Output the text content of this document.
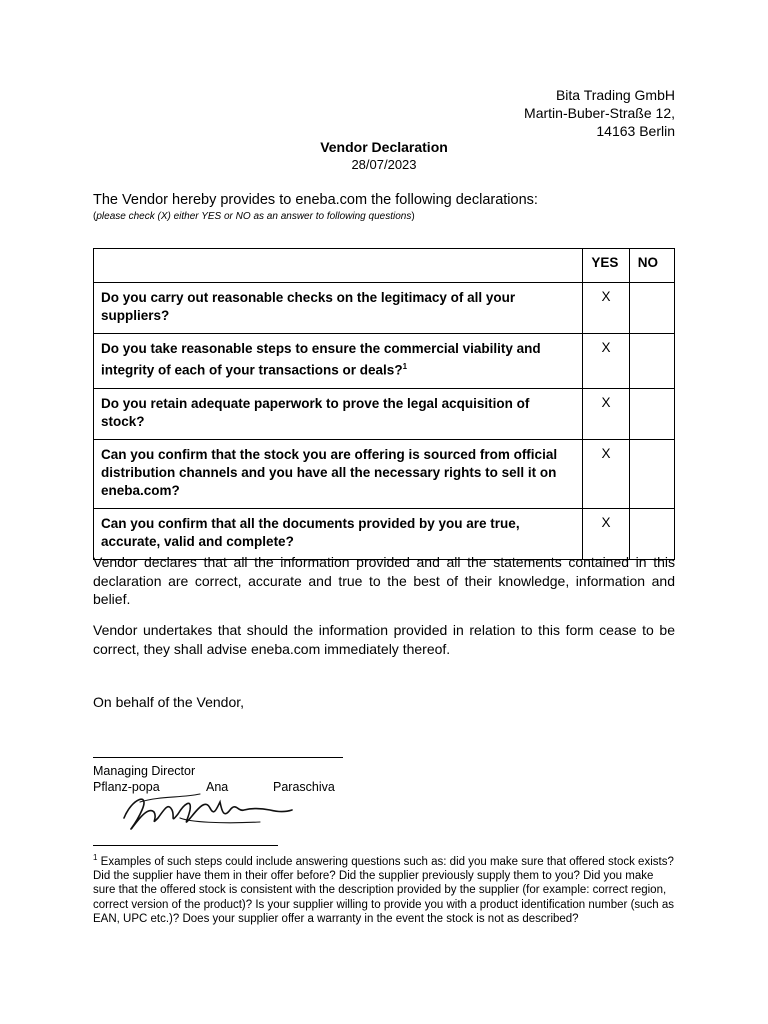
Bita Trading GmbH
Martin-Buber-Straße 12,
14163 Berlin
Vendor Declaration
28/07/2023
The Vendor hereby provides to eneba.com the following declarations:
(please check (X) either YES or NO as an answer to following questions)
	YES	NO
Do you carry out reasonable checks on the legitimacy of all your suppliers?	X	
Do you take reasonable steps to ensure the commercial viability and integrity of each of your transactions or deals?$^1$	X	
Do you retain adequate paperwork to prove the legal acquisition of stock?	X	
Can you confirm that the stock you are offering is sourced from official distribution channels and you have all the necessary rights to sell it on eneba.com?	X	
Can you confirm that all the documents provided by you are true, accurate, valid and complete?	X	
Vendor declares that all the information provided and all the statements contained in this declaration are correct, accurate and true to the best of their knowledge, information and belief.
Vendor undertakes that should the information provided in relation to this form cease to be correct, they shall advise eneba.com immediately thereof.
On behalf of the Vendor,
Managing Director
Pflanz-popa	Ana	Paraschiva
$^1$ Examples of such steps could include answering questions such as: did you make sure that offered stock exists? Did the supplier have them in their offer before? Did the supplier previously supply them to you? Did you make sure that the offered stock is consistent with the description provided by the supplier (for example: correct region, correct version of the product)? Is your supplier willing to provide you with a product identification number (such as EAN, UPC etc.)? Does your supplier offer a warranty in the event the stock is not as described?
